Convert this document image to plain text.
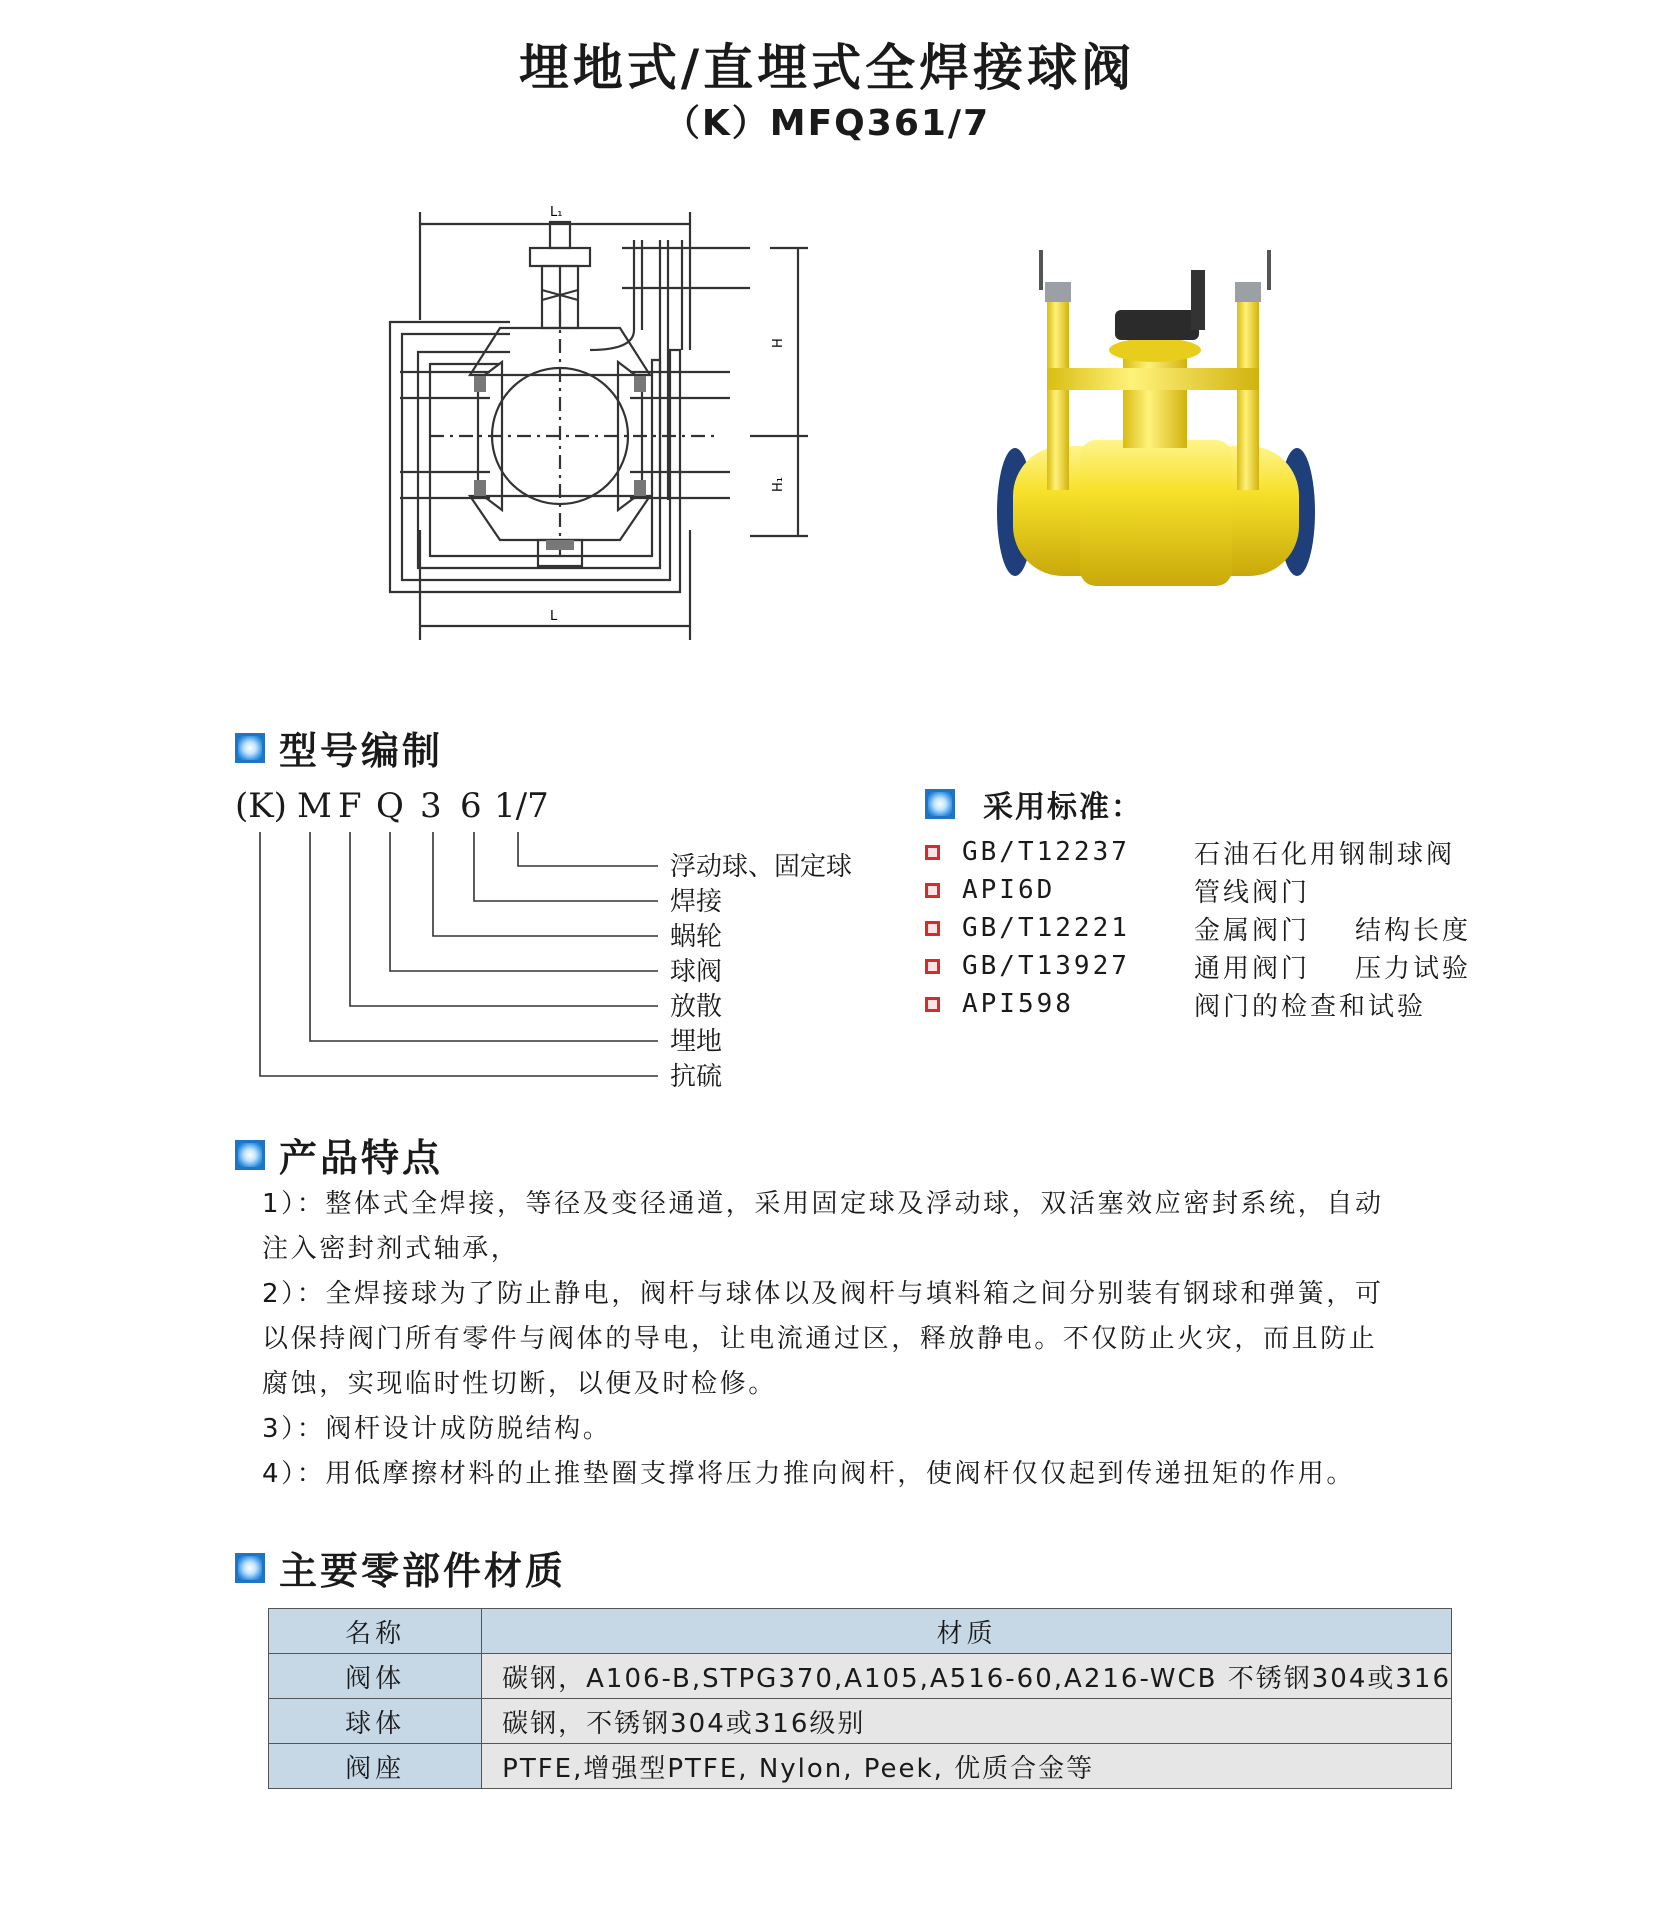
埋地式/直埋式全焊接球阀
（K）MFQ361/7
L₁
L
H
H₁
型号编制
(K) M F Q 3 6 1/7
浮动球、固定球
焊接
蜗轮
球阀
放散
埋地
抗硫
采用标准：
GB/T12237	石油石化用钢制球阀
API6D	管线阀门
GB/T12221	金属阀门    结构长度
GB/T13927	通用阀门    压力试验
API598	阀门的检查和试验
产品特点
1）：整体式全焊接，等径及变径通道，采用固定球及浮动球，双活塞效应密封系统，自动
注入密封剂式轴承，
2）：全焊接球为了防止静电，阀杆与球体以及阀杆与填料箱之间分别装有钢球和弹簧，可
以保持阀门所有零件与阀体的导电，让电流通过区，释放静电。不仅防止火灾，而且防止
腐蚀，实现临时性切断，以便及时检修。
3）：阀杆设计成防脱结构。
4）：用低摩擦材料的止推垫圈支撑将压力推向阀杆，使阀杆仅仅起到传递扭矩的作用。
主要零部件材质
名称	材质
阀体	碳钢，A106-B,STPG370,A105,A516-60,A216-WCB 不锈钢304或316
球体	碳钢，不锈钢304或316级别
阀座	PTFE,增强型PTFE, Nylon, Peek, 优质合金等
